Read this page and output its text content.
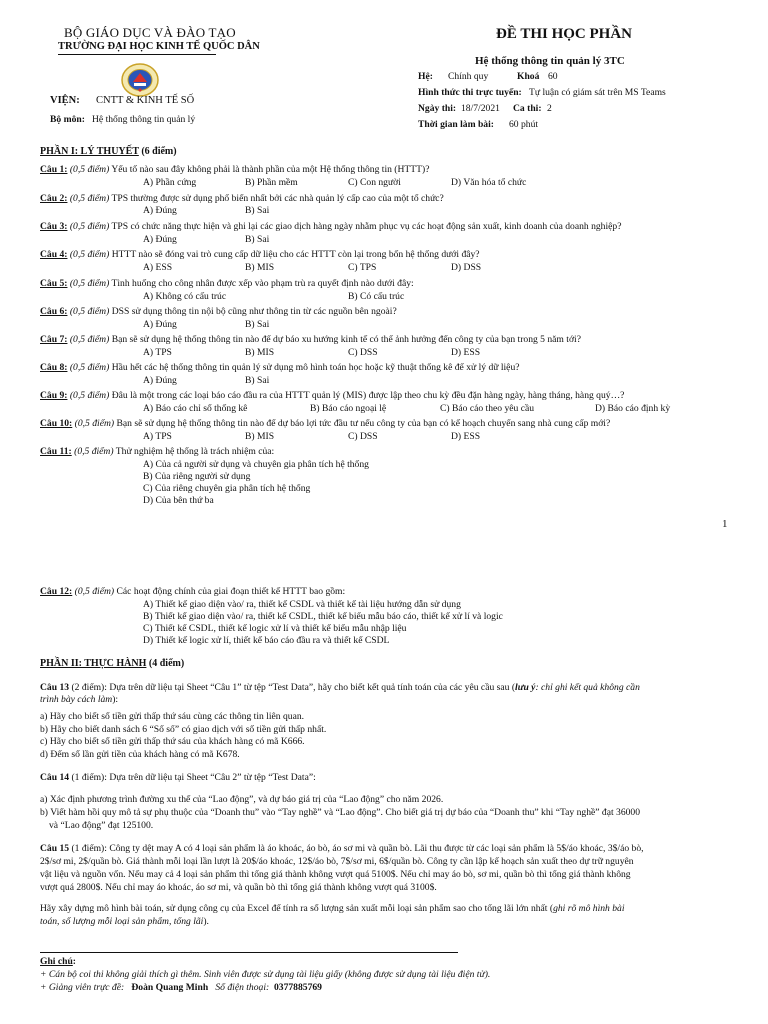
BỘ GIÁO DỤC VÀ ĐÀO TẠO
TRƯỜNG ĐẠI HỌC KINH TẾ QUỐC DÂN
VIỆN: CNTT & KINH TẾ SỐ
Bộ môn: Hệ thống thông tin quản lý
ĐỀ THI HỌC PHẦN
Hệ thống thông tin quản lý 3TC
Hệ: Chính quy	Khoá 60
Hình thức thi trực tuyến: Tự luận có giám sát trên MS Teams
Ngày thi: 18/7/2021 Ca thi: 2
Thời gian làm bài: 60 phút
PHẦN I: LÝ THUYẾT (6 điểm)
Câu 1: (0,5 điểm) Yếu tố nào sau đây không phải là thành phần của một Hệ thống thông tin (HTTT)?
A) Phần cứng	B) Phần mềm	C) Con người	D) Văn hóa tổ chức
Câu 2: (0,5 điểm) TPS thường được sử dụng phổ biến nhất bởi các nhà quản lý cấp cao của một tổ chức?
A) Đúng	B) Sai
Câu 3: (0,5 điểm) TPS có chức năng thực hiện và ghi lại các giao dịch hàng ngày nhằm phục vụ các hoạt động sản xuất, kinh doanh của doanh nghiệp?
A) Đúng	B) Sai
Câu 4: (0,5 điểm) HTTT nào sẽ đóng vai trò cung cấp dữ liệu cho các HTTT còn lại trong bốn hệ thống dưới đây?
A) ESS	B) MIS	C) TPS	D) DSS
Câu 5: (0,5 điểm) Tình huống cho công nhân được xếp vào phạm trù ra quyết định nào dưới đây:
A) Không có cấu trúc	B) Có cấu trúc
Câu 6: (0,5 điểm) DSS sử dụng thông tin nội bộ cũng như thông tin từ các nguồn bên ngoài?
A) Đúng	B) Sai
Câu 7: (0,5 điểm) Bạn sẽ sử dụng hệ thống thông tin nào để dự báo xu hướng kinh tế có thể ảnh hưởng đến công ty của bạn trong 5 năm tới?
A) TPS	B) MIS	C) DSS	D) ESS
Câu 8: (0,5 điểm) Hầu hết các hệ thống thông tin quản lý sử dụng mô hình toán học hoặc kỹ thuật thống kê để xử lý dữ liệu?
A) Đúng	B) Sai
Câu 9: (0,5 điểm) Đâu là một trong các loại báo cáo đầu ra của HTTT quản lý (MIS) được lập theo chu kỳ đều đặn hàng ngày, hàng tháng, hàng quý…?
A) Báo cáo chỉ số thống kê	B) Báo cáo ngoại lệ	C) Báo cáo theo yêu cầu	D) Báo cáo định kỳ
Câu 10: (0,5 điểm) Bạn sẽ sử dụng hệ thống thông tin nào để dự báo lợi tức đầu tư nếu công ty của bạn có kế hoạch chuyển sang nhà cung cấp mới?
A) TPS	B) MIS	C) DSS	D) ESS
Câu 11: (0,5 điểm) Thử nghiệm hệ thống là trách nhiệm của:
A) Của cả người sử dụng và chuyên gia phân tích hệ thống
B) Của riêng người sử dụng
C) Của riêng chuyên gia phân tích hệ thống
D) Của bên thứ ba
1
Câu 12: (0,5 điểm) Các hoạt động chính của giai đoạn thiết kế HTTT bao gồm:
A) Thiết kế giao diện vào/ ra, thiết kế CSDL và thiết kế tài liệu hướng dẫn sử dụng
B) Thiết kế giao diện vào/ ra, thiết kế CSDL, thiết kế biểu mẫu báo cáo, thiết kế xử lí và logic
C) Thiết kế CSDL, thiết kế logic xử lí và thiết kế biểu mẫu nhập liệu
D) Thiết kế logic xử lí, thiết kế báo cáo đầu ra và thiết kế CSDL
PHẦN II: THỰC HÀNH (4 điểm)
Câu 13 (2 điểm): Dựa trên dữ liệu tại Sheet “Câu 1” từ tệp “Test Data”, hãy cho biết kết quả tính toán của các yêu cầu sau (lưu ý: chỉ ghi kết quả không cần
trình bày cách làm):
a) Hãy cho biết số tiền gửi thấp thứ sáu cùng các thông tin liên quan.
b) Hãy cho biết danh sách 6 “Số sổ” có giao dịch với số tiền gửi thấp nhất.
c) Hãy cho biết số tiền gửi thấp thứ sáu của khách hàng có mã K666.
d) Đếm số lần gửi tiền của khách hàng có mã K678.
Câu 14 (1 điểm): Dựa trên dữ liệu tại Sheet “Câu 2” từ tệp “Test Data”:
a) Xác định phương trình đường xu thế của “Lao động”, và dự báo giá trị của “Lao động” cho năm 2026.
b) Viết hàm hồi quy mô tả sự phụ thuộc của “Doanh thu” vào “Tay nghề” và “Lao động”. Cho biết giá trị dự báo của “Doanh thu” khi “Tay nghề” đạt 36000
và “Lao động” đạt 125100.
Câu 15 (1 điểm): Công ty dệt may A có 4 loại sản phẩm là áo khoác, áo bò, áo sơ mi và quần bò. Lãi thu được từ các loại sản phẩm là 5$/áo khoác, 3$/áo bò,
2$/sơ mi, 2$/quần bò. Giá thành mỗi loại lần lượt là 20$/áo khoác, 12$/áo bò, 7$/sơ mi, 6$/quần bò. Công ty cần lập kế hoạch sản xuất theo dự trữ nguyên
vật liệu và nguồn vốn. Nếu may cả 4 loại sản phẩm thì tổng giá thành không vượt quá 5100$. Nếu chỉ may áo bò, sơ mi, quần bò thì tổng giá thành không
vượt quá 2800$. Nếu chỉ may áo khoác, áo sơ mi, và quần bò thì tổng giá thành không vượt quá 3100$.
Hãy xây dựng mô hình bài toán, sử dụng công cụ của Excel để tính ra số lượng sản xuất mỗi loại sản phẩm sao cho tổng lãi lớn nhất (ghi rõ mô hình bài
toán, số lượng mỗi loại sản phẩm, tổng lãi).
Ghi chú:
+ Cán bộ coi thi không giải thích gì thêm. Sinh viên được sử dụng tài liệu giấy (không được sử dụng tài liệu điện tử).
+ Giảng viên trực đề: Đoàn Quang Minh Số điện thoại: 0377885769
